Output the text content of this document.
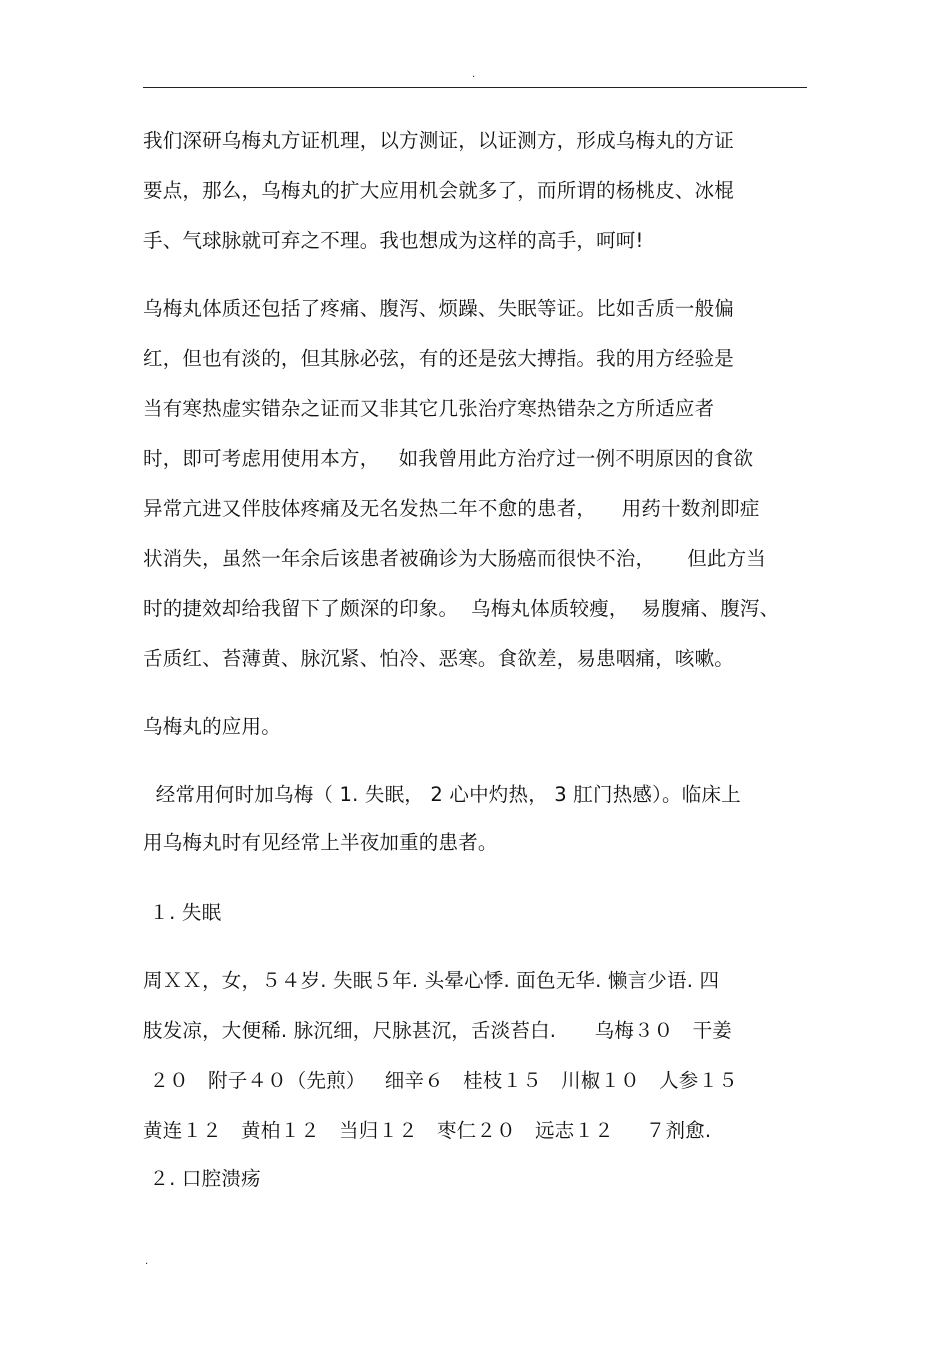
.
我们深研乌梅丸方证机理，以方测证，以证测方，形成乌梅丸的方证
要点，那么，乌梅丸的扩大应用机会就多了，而所谓的杨桃皮、冰棍
手、气球脉就可弃之不理。我也想成为这样的高手，呵呵!
乌梅丸体质还包括了疼痛、腹泻、烦躁、失眠等证。比如舌质一般偏
红，但也有淡的，但其脉必弦，有的还是弦大搏指。我的用方经验是
当有寒热虚实错杂之证而又非其它几张治疗寒热错杂之方所适应者
时，即可考虑用使用本方，   如我曾用此方治疗过一例不明原因的食欲
异常亢进又伴肢体疼痛及无名发热二年不愈的患者，    用药十数剂即症
状消失，虽然一年余后该患者被确诊为大肠癌而很快不治，     但此方当
时的捷效却给我留下了颇深的印象。  乌梅丸体质较瘦，  易腹痛、腹泻、
舌质红、苔薄黄、脉沉紧、怕冷、恶寒。食欲差，易患咽痛，咳嗽。
乌梅丸的应用。
经常用何时加乌梅（ 1. 失眠， 2 心中灼热， 3 肛门热感）。临床上
用乌梅丸时有见经常上半夜加重的患者。
１. 失眠
周ＸＸ，女，５４岁. 失眠５年. 头晕心悸. 面色无华. 懒言少语. 四
肢发凉，大便稀. 脉沉细，尺脉甚沉，舌淡苔白.      乌梅３０   干姜
２０   附子４０（先煎）   细辛６   桂枝１５   川椒１０   人参１５
黄连１２   黄柏１２   当归１２   枣仁２０   远志１２     ７剂愈.
２. 口腔溃疡
.
